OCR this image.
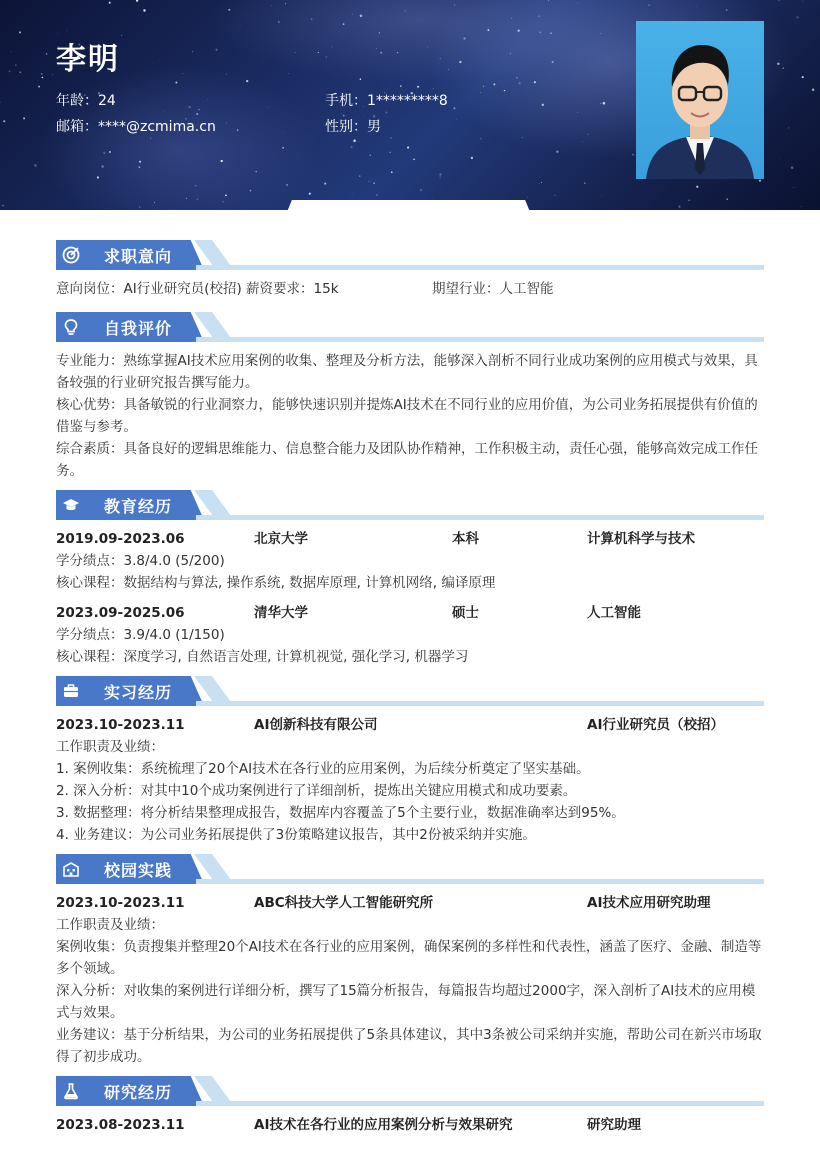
李明
年龄：24	手机：1*********8
邮箱：****@zcmima.cn	性别：男
求职意向
意向岗位：AI行业研究员(校招) 薪资要求：15k	期望行业：人工智能
自我评价
专业能力：熟练掌握AI技术应用案例的收集、整理及分析方法，能够深入剖析不同行业成功案例的应用模式与效果，具备较强的行业研究报告撰写能力。
核心优势：具备敏锐的行业洞察力，能够快速识别并提炼AI技术在不同行业的应用价值，为公司业务拓展提供有价值的借鉴与参考。
综合素质：具备良好的逻辑思维能力、信息整合能力及团队协作精神，工作积极主动，责任心强，能够高效完成工作任务。
教育经历
2019.09-2023.06	北京大学	本科	计算机科学与技术
学分绩点：3.8/4.0 (5/200)
核心课程：数据结构与算法, 操作系统, 数据库原理, 计算机网络, 编译原理
2023.09-2025.06	清华大学	硕士	人工智能
学分绩点：3.9/4.0 (1/150)
核心课程：深度学习, 自然语言处理, 计算机视觉, 强化学习, 机器学习
实习经历
2023.10-2023.11	AI创新科技有限公司	AI行业研究员（校招）
工作职责及业绩：
1. 案例收集：系统梳理了20个AI技术在各行业的应用案例，为后续分析奠定了坚实基础。
2. 深入分析：对其中10个成功案例进行了详细剖析，提炼出关键应用模式和成功要素。
3. 数据整理：将分析结果整理成报告，数据库内容覆盖了5个主要行业，数据准确率达到95%。
4. 业务建议：为公司业务拓展提供了3份策略建议报告，其中2份被采纳并实施。
校园实践
2023.10-2023.11	ABC科技大学人工智能研究所	AI技术应用研究助理
工作职责及业绩：
案例收集：负责搜集并整理20个AI技术在各行业的应用案例，确保案例的多样性和代表性，涵盖了医疗、金融、制造等多个领域。
深入分析：对收集的案例进行详细分析，撰写了15篇分析报告，每篇报告均超过2000字，深入剖析了AI技术的应用模式与效果。
业务建议：基于分析结果，为公司的业务拓展提供了5条具体建议，其中3条被公司采纳并实施，帮助公司在新兴市场取得了初步成功。
研究经历
2023.08-2023.11	AI技术在各行业的应用案例分析与效果研究	研究助理
